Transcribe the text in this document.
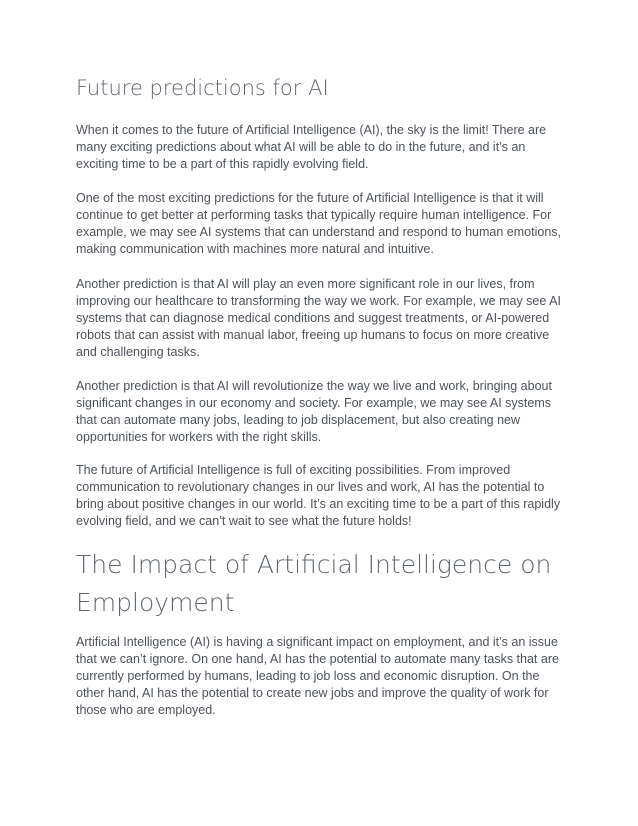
Future predictions for AI

When it comes to the future of Artificial Intelligence (AI), the sky is the limit! There are many exciting predictions about what AI will be able to do in the future, and it’s an exciting time to be a part of this rapidly evolving field.

One of the most exciting predictions for the future of Artificial Intelligence is that it will continue to get better at performing tasks that typically require human intelligence. For example, we may see AI systems that can understand and respond to human emotions, making communication with machines more natural and intuitive.

Another prediction is that AI will play an even more significant role in our lives, from improving our healthcare to transforming the way we work. For example, we may see AI systems that can diagnose medical conditions and suggest treatments, or AI-powered robots that can assist with manual labor, freeing up humans to focus on more creative and challenging tasks.

Another prediction is that AI will revolutionize the way we live and work, bringing about significant changes in our economy and society. For example, we may see AI systems that can automate many jobs, leading to job displacement, but also creating new opportunities for workers with the right skills.

The future of Artificial Intelligence is full of exciting possibilities. From improved communication to revolutionary changes in our lives and work, AI has the potential to bring about positive changes in our world. It’s an exciting time to be a part of this rapidly evolving field, and we can’t wait to see what the future holds!

The Impact of Artificial Intelligence on Employment

Artificial Intelligence (AI) is having a significant impact on employment, and it’s an issue that we can’t ignore. On one hand, AI has the potential to automate many tasks that are currently performed by humans, leading to job loss and economic disruption. On the other hand, AI has the potential to create new jobs and improve the quality of work for those who are employed.
